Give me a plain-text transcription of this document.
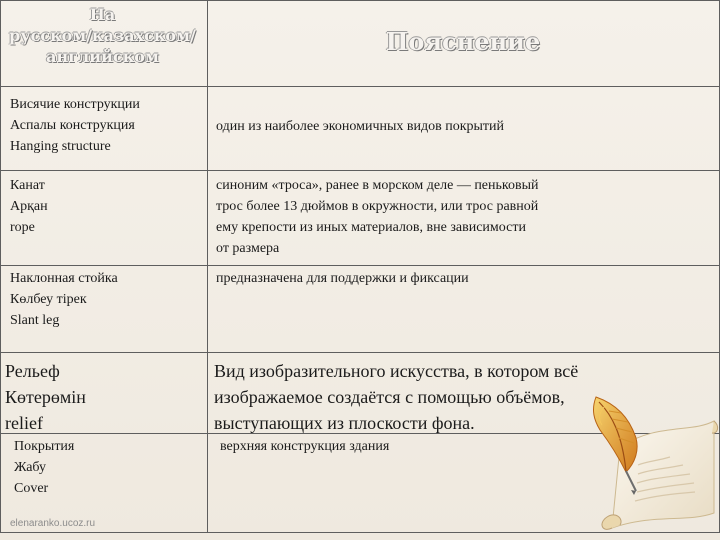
На
русском/казахском/
английском
Пояснение
Висячие конструкции
Аспалы конструкция
Hanging structure
один из наиболее экономичных видов покрытий
Канат
Арқан
rope
синоним «троса», ранее в морском деле — пеньковый
трос более 13 дюймов в окружности, или трос равной
ему крепости из иных материалов, вне зависимости
от размера
Наклонная стойка
Көлбеу тірек
Slant leg
предназначена для поддержки и фиксации
Рельеф
Көтерөмін
relief
Вид изобразительного искусства, в котором всё
изображаемое создаётся с помощью объёмов,
выступающих из плоскости фона.
Покрытия
Жабу
Cover
верхняя конструкция здания
elenaranko.ucoz.ru
